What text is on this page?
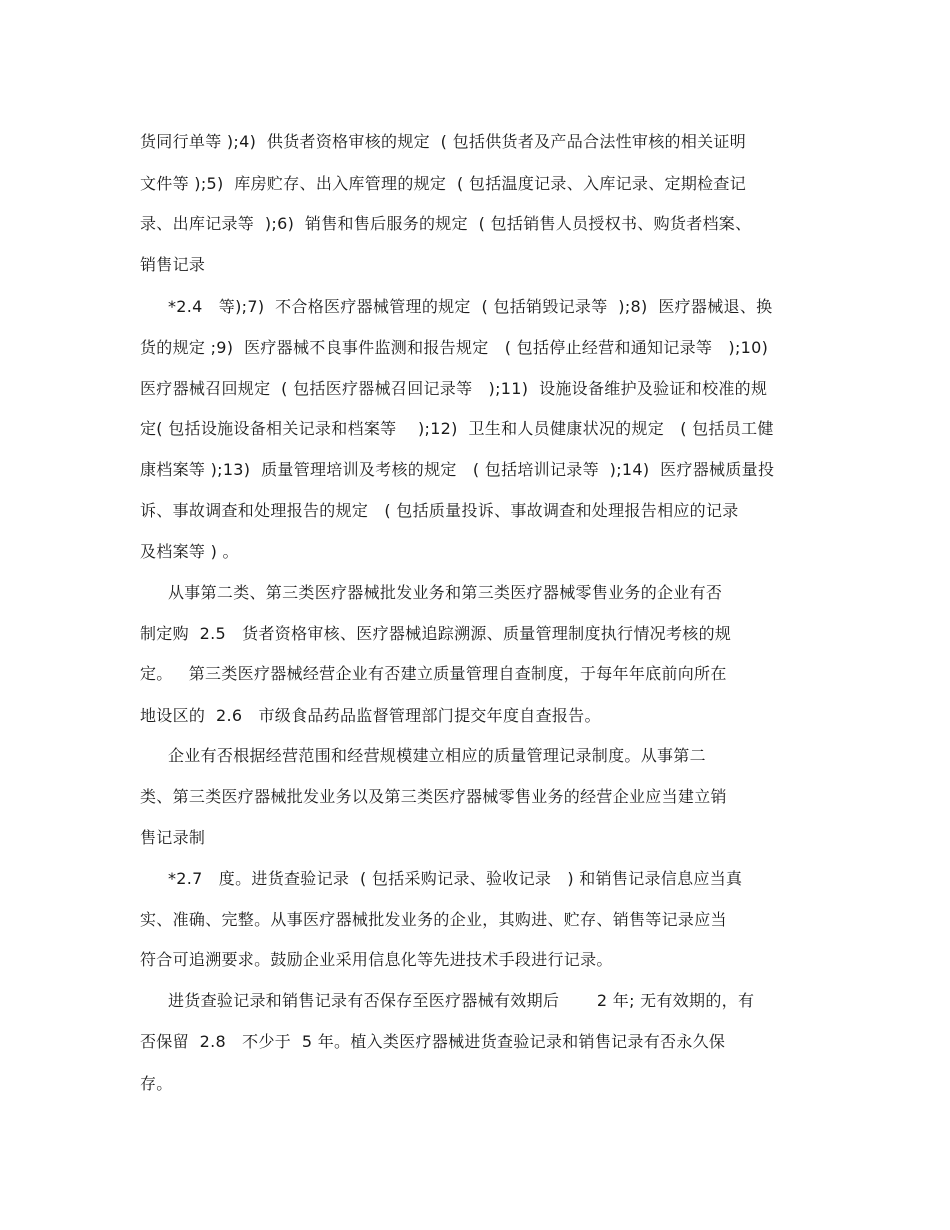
货同行单等 );4)  供货者资格审核的规定  ( 包括供货者及产品合法性审核的相关证明
文件等 );5)  库房贮存、出入库管理的规定  ( 包括温度记录、入库记录、定期检查记
录、出库记录等  );6)  销售和售后服务的规定  ( 包括销售人员授权书、购货者档案、
销售记录
*2.4   等);7)  不合格医疗器械管理的规定  ( 包括销毁记录等  );8)  医疗器械退、换
货的规定 ;9)  医疗器械不良事件监测和报告规定   ( 包括停止经营和通知记录等   );10)
医疗器械召回规定  ( 包括医疗器械召回记录等   );11)  设施设备维护及验证和校准的规
定( 包括设施设备相关记录和档案等    );12)  卫生和人员健康状况的规定   ( 包括员工健
康档案等 );13)  质量管理培训及考核的规定   ( 包括培训记录等  );14)  医疗器械质量投
诉、事故调查和处理报告的规定   ( 包括质量投诉、事故调查和处理报告相应的记录
及档案等 ) 。
从事第二类、第三类医疗器械批发业务和第三类医疗器械零售业务的企业有否
制定购  2.5   货者资格审核、医疗器械追踪溯源、质量管理制度执行情况考核的规
定。   第三类医疗器械经营企业有否建立质量管理自查制度，于每年年底前向所在
地设区的  2.6   市级食品药品监督管理部门提交年度自查报告。
企业有否根据经营范围和经营规模建立相应的质量管理记录制度。从事第二
类、第三类医疗器械批发业务以及第三类医疗器械零售业务的经营企业应当建立销
售记录制
*2.7   度。进货查验记录  ( 包括采购记录、验收记录   ) 和销售记录信息应当真
实、准确、完整。从事医疗器械批发业务的企业，其购进、贮存、销售等记录应当
符合可追溯要求。鼓励企业采用信息化等先进技术手段进行记录。
进货查验记录和销售记录有否保存至医疗器械有效期后       2 年; 无有效期的，有
否保留  2.8   不少于  5 年。植入类医疗器械进货查验记录和销售记录有否永久保
存。
